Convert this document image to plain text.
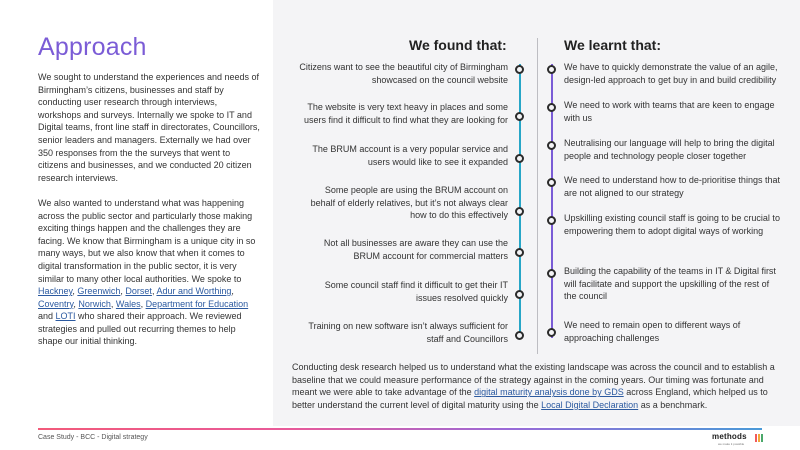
Approach

We sought to understand the experiences and needs of Birmingham’s citizens, businesses and staff by conducting user research through interviews, workshops and surveys. Internally we spoke to IT and Digital teams, front line staff in directorates, Councillors, senior leaders and managers. Externally we had over 350 responses from the the surveys that went to citizens and businesses, and we conducted 20 citizen research interviews.

We also wanted to understand what was happening across the public sector and particularly those making exciting things happen and the challenges they are facing. We know that Birmingham is a unique city in so many ways, but we also know that when it comes to digital transformation in the public sector, it is very similar to many other local authorities. We spoke to Hackney, Greenwich, Dorset, Adur and Worthing, Coventry, Norwich, Wales, Department for Education and LOTI who shared their approach. We reviewed strategies and pulled out recurring themes to help shape our initial thinking.

We found that:	We learnt that:
Citizens want to see the beautiful city of Birmingham showcased on the council website
The website is very text heavy in places and some users find it difficult to find what they are looking for
The BRUM account is a very popular service and users would like to see it expanded
Some people are using the BRUM account on behalf of elderly relatives, but it’s not always clear how to do this effectively
Not all businesses are aware they can use the BRUM account for commercial matters
Some council staff find it difficult to get their IT issues resolved quickly
Training on new software isn’t always sufficient for staff and Councillors
We have to quickly demonstrate the value of an agile, design-led approach to get buy in and build credibility
We need to work with teams that are keen to engage with us
Neutralising our language will help to bring the digital people and technology people closer together
We need to understand how to de-prioritise things that are not aligned to our strategy
Upskilling existing council staff is going to be crucial to empowering them to adopt digital ways of working
Building the capability of the teams in IT & Digital first will facilitate and support the upskilling of the rest of the council
We need to remain open to different ways of approaching challenges
Conducting desk research helped us to understand what the existing landscape was across the council and to establish a baseline that we could measure performance of the strategy against in the coming years. Our timing was fortunate and meant we were able to take advantage of the digital maturity analysis done by GDS across England, which helped us to better understand the current level of digital maturity using the Local Digital Declaration as a benchmark.
Case Study - BCC - Digital strategy	methods
we make it possible
